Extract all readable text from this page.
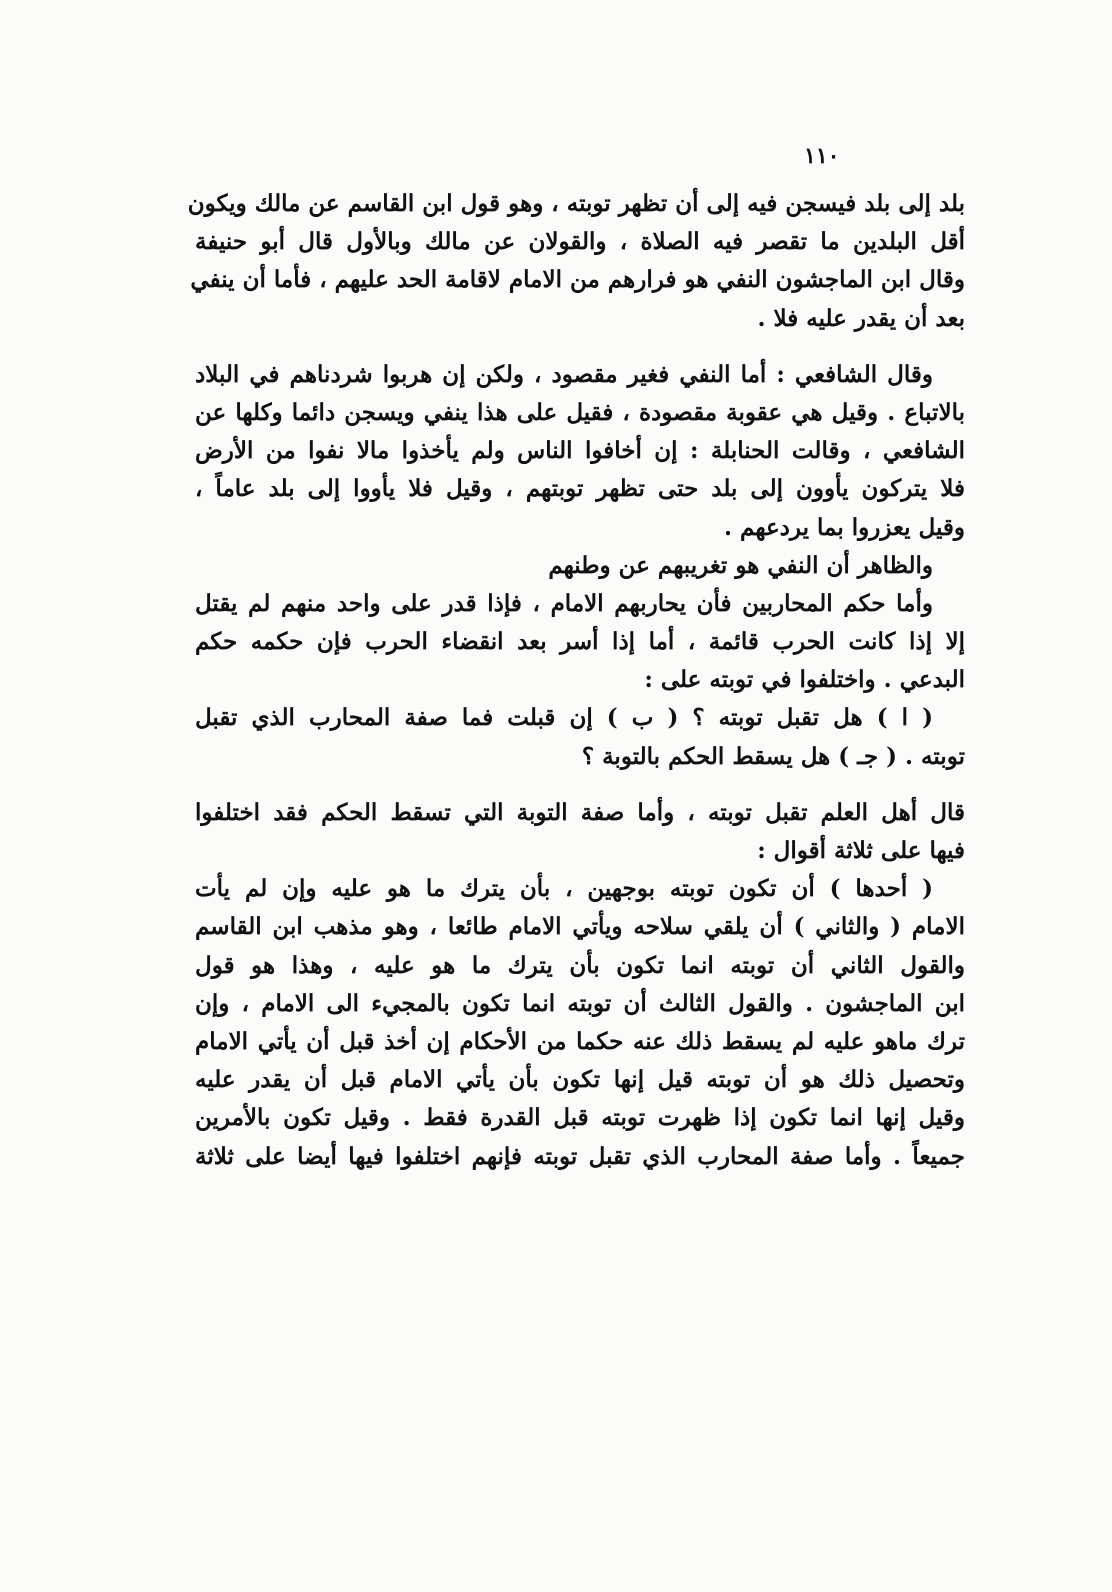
١١٠
بلد إلى بلد فيسجن فيه إلى أن تظهر توبته ، وهو قول ابن القاسم عن مالك ويكون
أقل البلدين ما تقصر فيه الصلاة ، والقولان عن مالك وبالأول قال أبو حنيفة
وقال ابن الماجشون النفي هو فرارهم من الامام لاقامة الحد عليهم ، فأما أن ينفي
بعد أن يقدر عليه فلا .
وقال الشافعي : أما النفي فغير مقصود ، ولكن إن هربوا شردناهم في البلاد
بالاتباع . وقيل هي عقوبة مقصودة ، فقيل على هذا ينفي ويسجن دائما وكلها عن
الشافعي ، وقالت الحنابلة : إن أخافوا الناس ولم يأخذوا مالا نفوا من الأرض
فلا يتركون يأوون إلى بلد حتى تظهر توبتهم ، وقيل فلا يأووا إلى بلد عاماً ،
وقيل يعزروا بما يردعهم .
والظاهر أن النفي هو تغريبهم عن وطنهم
وأما حكم المحاربين فأن يحاربهم الامام ، فإذا قدر على واحد منهم لم يقتل
إلا إذا كانت الحرب قائمة ، أما إذا أسر بعد انقضاء الحرب فإن حكمه حكم
البدعي . واختلفوا في توبته على :
( ا ) هل تقبل توبته ؟ ( ب ) إن قبلت فما صفة المحارب الذي تقبل
توبته . ( جـ ) هل يسقط الحكم بالتوبة ؟
قال أهل العلم تقبل توبته ، وأما صفة التوبة التي تسقط الحكم فقد اختلفوا
فيها على ثلاثة أقوال :
( أحدها ) أن تكون توبته بوجهين ، بأن يترك ما هو عليه وإن لم يأت
الامام ( والثاني ) أن يلقي سلاحه ويأتي الامام طائعا ، وهو مذهب ابن القاسم
والقول الثاني أن توبته انما تكون بأن يترك ما هو عليه ، وهذا هو قول
ابن الماجشون . والقول الثالث أن توبته انما تكون بالمجيء الى الامام ، وإن
ترك ماهو عليه لم يسقط ذلك عنه حكما من الأحكام إن أخذ قبل أن يأتي الامام
وتحصيل ذلك هو أن توبته قيل إنها تكون بأن يأتي الامام قبل أن يقدر عليه
وقيل إنها انما تكون إذا ظهرت توبته قبل القدرة فقط . وقيل تكون بالأمرين
جميعاً . وأما صفة المحارب الذي تقبل توبته فإنهم اختلفوا فيها أيضا على ثلاثة
